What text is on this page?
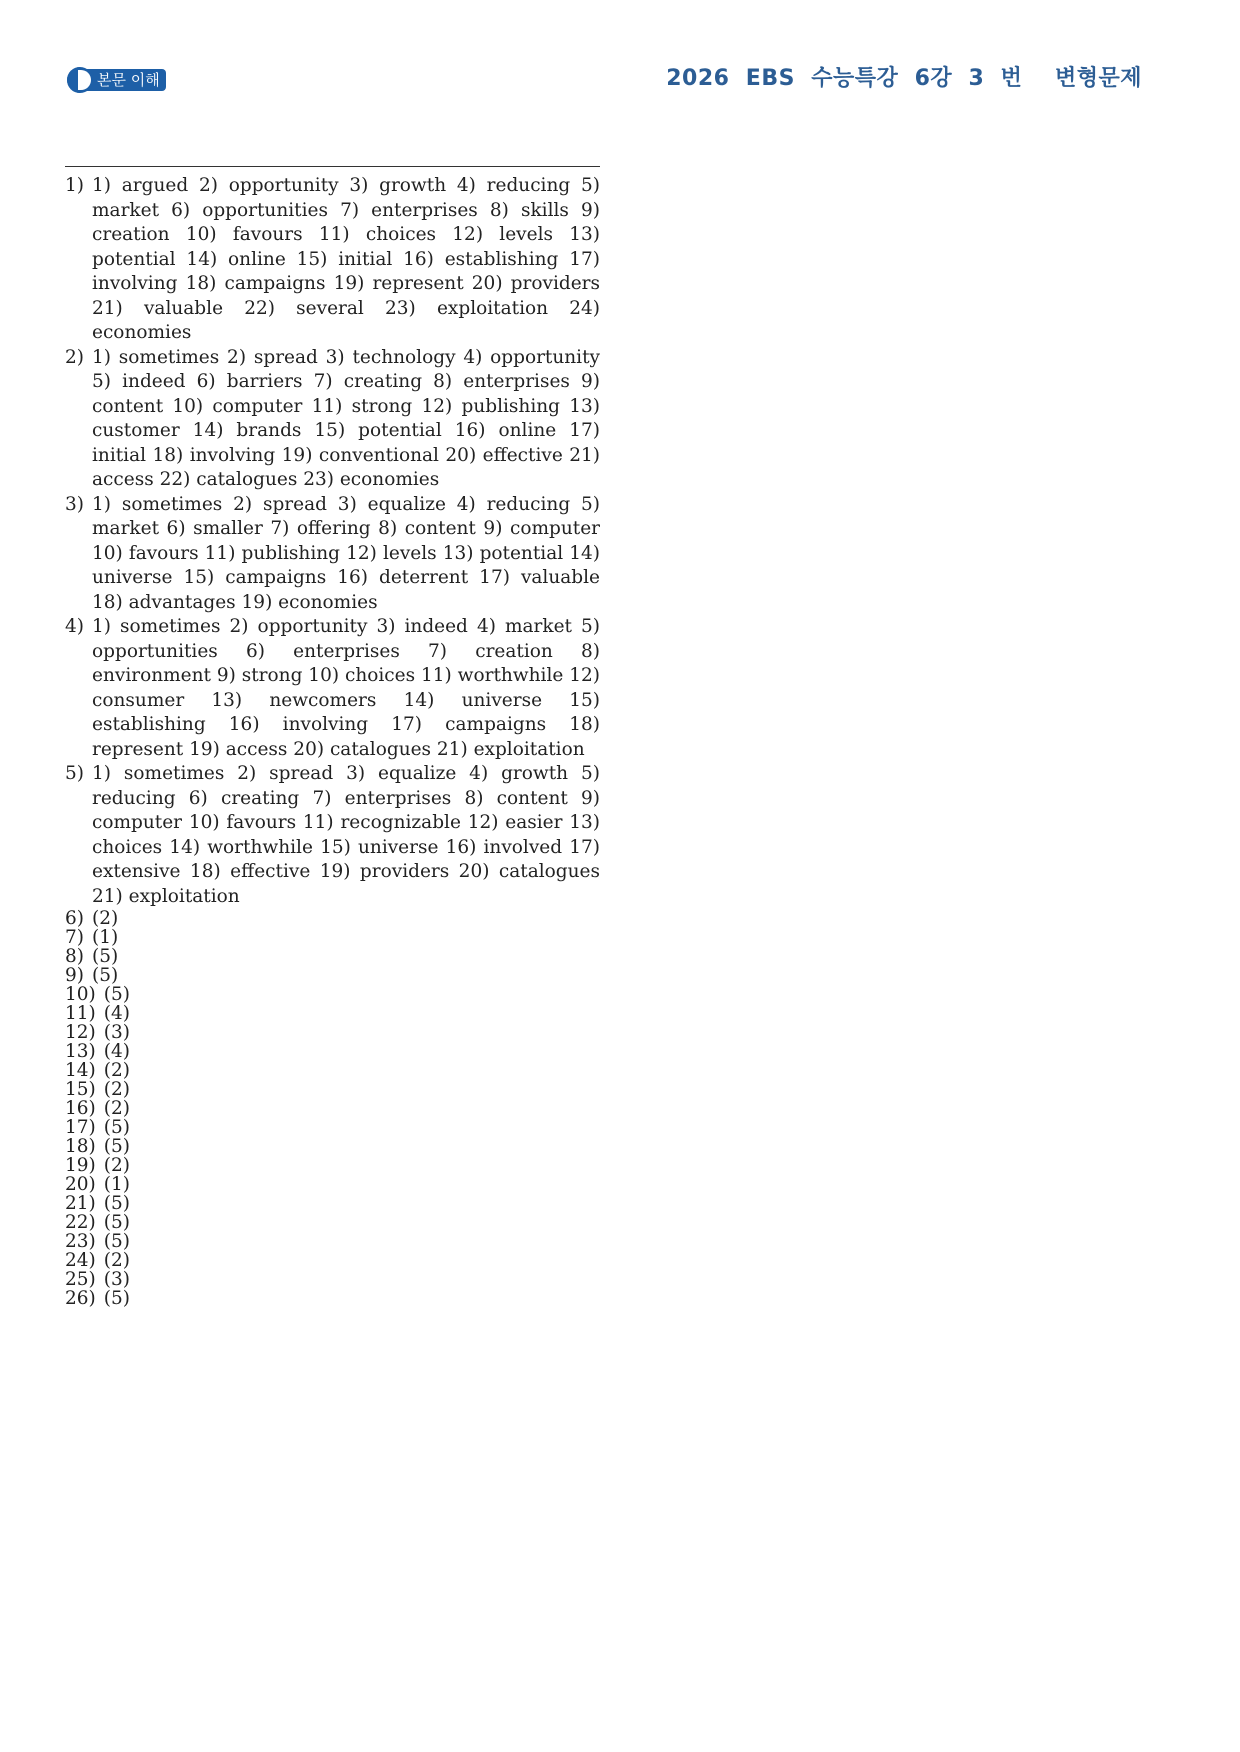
본문 이해	2026  EBS  수능특강  6강  3  번    변형문제
1) 1) argued 2) opportunity 3) growth 4) reducing 5) market 6) opportunities 7) enterprises 8) skills 9) creation 10) favours 11) choices 12) levels 13) potential 14) online 15) initial 16) establishing 17) involving 18) campaigns 19) represent 20) providers 21) valuable 22) several 23) exploitation 24) economies
2) 1) sometimes 2) spread 3) technology 4) opportunity 5) indeed 6) barriers 7) creating 8) enterprises 9) content 10) computer 11) strong 12) publishing 13) customer 14) brands 15) potential 16) online 17) initial 18) involving 19) conventional 20) effective 21) access 22) catalogues 23) economies
3) 1) sometimes 2) spread 3) equalize 4) reducing 5) market 6) smaller 7) offering 8) content 9) computer 10) favours 11) publishing 12) levels 13) potential 14) universe 15) campaigns 16) deterrent 17) valuable 18) advantages 19) economies
4) 1) sometimes 2) opportunity 3) indeed 4) market 5) opportunities 6) enterprises 7) creation 8) environment 9) strong 10) choices 11) worthwhile 12) consumer 13) newcomers 14) universe 15) establishing 16) involving 17) campaigns 18) represent 19) access 20) catalogues 21) exploitation
5) 1) sometimes 2) spread 3) equalize 4) growth 5) reducing 6) creating 7) enterprises 8) content 9) computer 10) favours 11) recognizable 12) easier 13) choices 14) worthwhile 15) universe 16) involved 17) extensive 18) effective 19) providers 20) catalogues 21) exploitation
6) (2)
7) (1)
8) (5)
9) (5)
10) (5)
11) (4)
12) (3)
13) (4)
14) (2)
15) (2)
16) (2)
17) (5)
18) (5)
19) (2)
20) (1)
21) (5)
22) (5)
23) (5)
24) (2)
25) (3)
26) (5)
